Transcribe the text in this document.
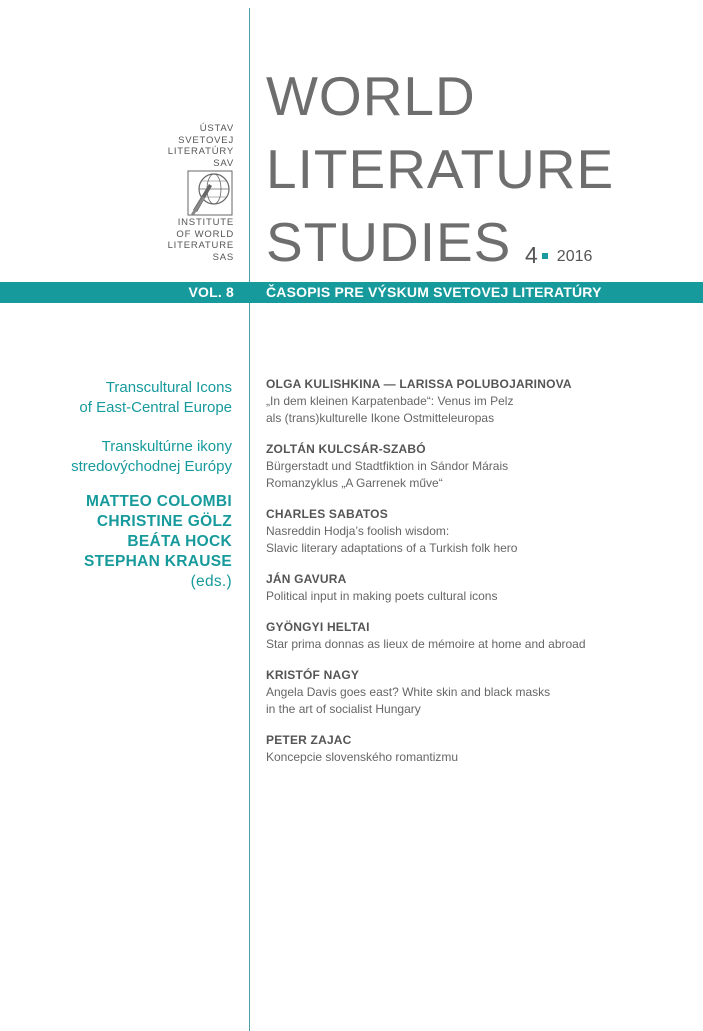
ÚSTAV
SVETOVEJ
LITERATÚRY
SAV
INSTITUTE
OF WORLD
LITERATURE
SAS
WORLD
LITERATURE
STUDIES 4 2016
VOL. 8 ČASOPIS PRE VÝSKUM SVETOVEJ LITERATÚRY
Transcultural Icons
of East-Central Europe
Transkultúrne ikony
stredovýchodnej Európy
MATTEO COLOMBI
CHRISTINE GÖLZ
BEÁTA HOCK
STEPHAN KRAUSE
(eds.)
OLGA KULISHKINA — LARISSA POLUBOJARINOVA
„In dem kleinen Karpatenbade“: Venus im Pelz
als (trans)kulturelle Ikone Ostmitteleuropas
ZOLTÁN KULCSÁR-SZABÓ
Bürgerstadt und Stadtfiktion in Sándor Márais
Romanzyklus „A Garrenek műve“
CHARLES SABATOS
Nasreddin Hodja’s foolish wisdom:
Slavic literary adaptations of a Turkish folk hero
JÁN GAVURA
Political input in making poets cultural icons
GYÖNGYI HELTAI
Star prima donnas as lieux de mémoire at home and abroad
KRISTÓF NAGY
Angela Davis goes east? White skin and black masks
in the art of socialist Hungary
PETER ZAJAC
Koncepcie slovenského romantizmu
